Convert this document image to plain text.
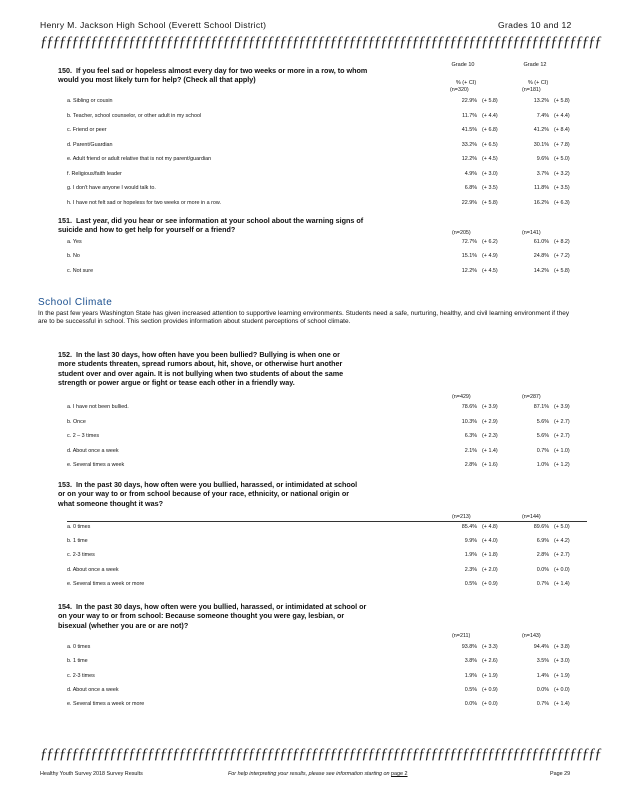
Henry M. Jackson High School (Everett School District)	Grades 10 and 12
ƒƒƒƒƒƒƒƒƒƒƒƒƒƒƒƒƒƒƒƒƒƒƒƒƒƒƒƒƒƒƒƒƒƒƒƒƒƒƒƒƒƒƒƒƒƒƒƒƒƒƒƒƒƒƒƒƒƒƒƒƒƒƒƒƒƒƒƒƒƒƒƒƒƒƒƒƒƒƒƒƒƒƒƒƒƒƒƒƒ
Grade 10	Grade 12
% (+ CI)	% (+ CI)
150. If you feel sad or hopeless almost every day for two weeks or more in a row, to whom would you most likely turn for help? (Check all that apply)
(n=320)	(n=181)
a. Sibling or cousin	22.9% (+ 5.8)	13.2% (+ 5.8)
b. Teacher, school counselor, or other adult in my school	11.7% (+ 4.4)	7.4% (+ 4.4)
c. Friend or peer	41.5% (+ 6.8)	41.2% (+ 8.4)
d. Parent/Guardian	33.2% (+ 6.5)	30.1% (+ 7.8)
e. Adult friend or adult relative that is not my parent/guardian	12.2% (+ 4.5)	9.6% (+ 5.0)
f. Religious/faith leader	4.9% (+ 3.0)	3.7% (+ 3.2)
g. I don't have anyone I would talk to.	6.8% (+ 3.5)	11.8% (+ 3.5)
h. I have not felt sad or hopeless for two weeks or more in a row.	22.9% (+ 5.8)	16.2% (+ 6.3)
151. Last year, did you hear or see information at your school about the warning signs of suicide and how to get help for yourself or a friend?	(n=205)	(n=141)
a. Yes	72.7% (+ 6.2)	61.0% (+ 8.2)
b. No	15.1% (+ 4.9)	24.8% (+ 7.2)
c. Not sure	12.2% (+ 4.5)	14.2% (+ 5.8)
School Climate
In the past few years Washington State has given increased attention to supportive learning environments. Students need a safe, nurturing, healthy, and civil learning environment if they are to be successful in school. This section provides information about student perceptions of school climate.
152. In the last 30 days, how often have you been bullied? Bullying is when one or more students threaten, spread rumors about, hit, shove, or otherwise hurt another student over and over again. It is not bullying when two students of about the same strength or power argue or fight or tease each other in a friendly way.
(n=429)	(n=287)
a. I have not been bullied.	78.6% (+ 3.9)	87.1% (+ 3.9)
b. Once	10.3% (+ 2.9)	5.6% (+ 2.7)
c. 2 – 3 times	6.3% (+ 2.3)	5.6% (+ 2.7)
d. About once a week	2.1% (+ 1.4)	0.7% (+ 1.0)
e. Several times a week	2.8% (+ 1.6)	1.0% (+ 1.2)
153. In the past 30 days, how often were you bullied, harassed, or intimidated at school or on your way to or from school because of your race, ethnicity, or national origin or what someone thought it was?
(n=213)	(n=144)
a. 0 times	85.4% (+ 4.8)	89.6% (+ 5.0)
b. 1 time	9.9% (+ 4.0)	6.9% (+ 4.2)
c. 2-3 times	1.9% (+ 1.8)	2.8% (+ 2.7)
d. About once a week	2.3% (+ 2.0)	0.0% (+ 0.0)
e. Several times a week or more	0.5% (+ 0.9)	0.7% (+ 1.4)
154. In the past 30 days, how often were you bullied, harassed, or intimidated at school or on your way to or from school: Because someone thought you were gay, lesbian, or bisexual (whether you are or are not)?
(n=211)	(n=143)
a. 0 times	93.8% (+ 3.3)	94.4% (+ 3.8)
b. 1 time	3.8% (+ 2.6)	3.5% (+ 3.0)
c. 2-3 times	1.9% (+ 1.9)	1.4% (+ 1.9)
d. About once a week	0.5% (+ 0.9)	0.0% (+ 0.0)
e. Several times a week or more	0.0% (+ 0.0)	0.7% (+ 1.4)
ƒƒƒƒƒƒƒƒƒƒƒƒƒƒƒƒƒƒƒƒƒƒƒƒƒƒƒƒƒƒƒƒƒƒƒƒƒƒƒƒƒƒƒƒƒƒƒƒƒƒƒƒƒƒƒƒƒƒƒƒƒƒƒƒƒƒƒƒƒƒƒƒƒƒƒƒƒƒƒƒƒƒƒƒƒƒƒƒƒ
Healthy Youth Survey 2018 Survey Results	For help interpreting your results, please see information starting on page 2	Page 29
